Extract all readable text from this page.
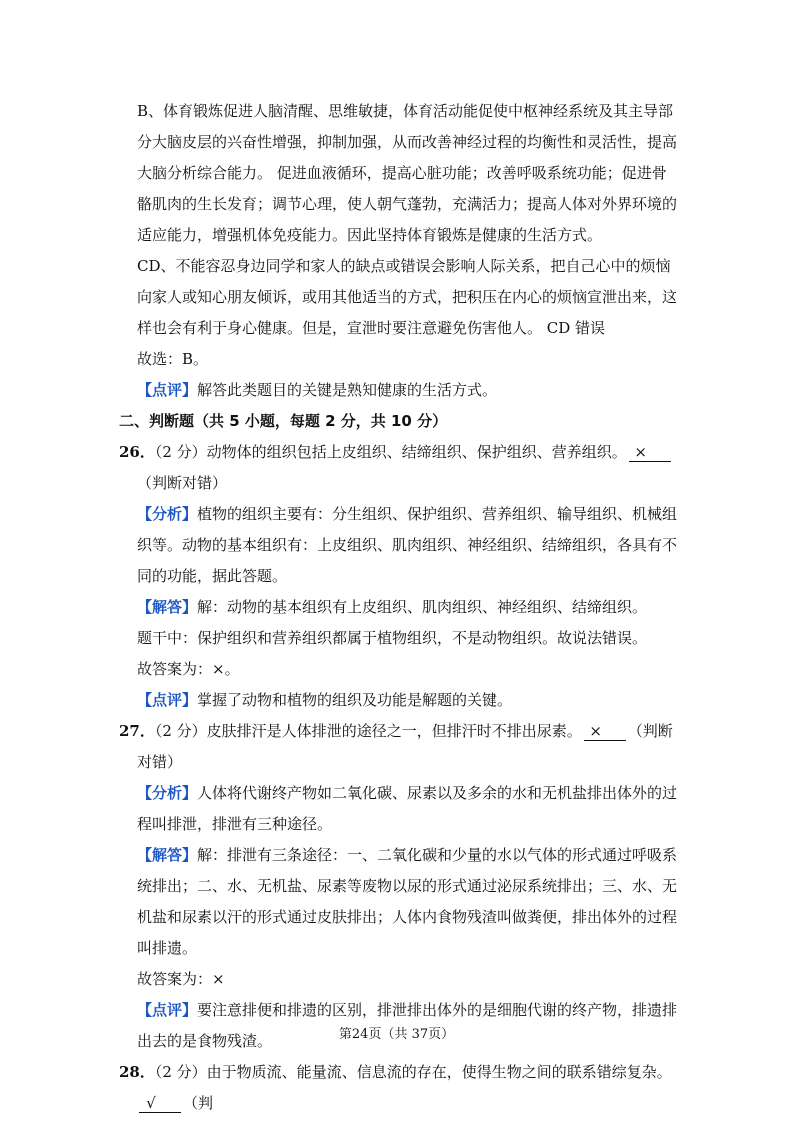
B、体育锻炼促进人脑清醒、思维敏捷，体育活动能促使中枢神经系统及其主导部分大脑皮层的兴奋性增强，抑制加强，从而改善神经过程的均衡性和灵活性，提高大脑分析综合能力。 促进血液循环，提高心脏功能；改善呼吸系统功能；促进骨骼肌肉的生长发育；调节心理，使人朝气蓬勃，充满活力；提高人体对外界环境的适应能力，增强机体免疫能力。因此坚持体育锻炼是健康的生活方式。

CD、不能容忍身边同学和家人的缺点或错误会影响人际关系，把自己心中的烦恼向家人或知心朋友倾诉，或用其他适当的方式，把积压在内心的烦恼宣泄出来，这样也会有利于身心健康。但是，宣泄时要注意避免伤害他人。 CD 错误

故选：B。

【点评】解答此类题目的关键是熟知健康的生活方式。

二、判断题（共 5 小题，每题 2 分，共 10 分）

26．（2 分）动物体的组织包括上皮组织、结缔组织、保护组织、营养组织。 ×（判断对错）

【分析】植物的组织主要有：分生组织、保护组织、营养组织、输导组织、机械组织等。动物的基本组织有：上皮组织、肌肉组织、神经组织、结缔组织，各具有不同的功能，据此答题。

【解答】解：动物的基本组织有上皮组织、肌肉组织、神经组织、结缔组织。

题干中：保护组织和营养组织都属于植物组织，不是动物组织。故说法错误。

故答案为：×。

【点评】掌握了动物和植物的组织及功能是解题的关键。

27．（2 分）皮肤排汗是人体排泄的途径之一，但排汗时不排出尿素。 × （判断对错）

【分析】人体将代谢终产物如二氧化碳、尿素以及多余的水和无机盐排出体外的过程叫排泄，排泄有三种途径。

【解答】解：排泄有三条途径：一、二氧化碳和少量的水以气体的形式通过呼吸系统排出；二、水、无机盐、尿素等废物以尿的形式通过泌尿系统排出；三、水、无机盐和尿素以汗的形式通过皮肤排出；人体内食物残渣叫做粪便，排出体外的过程叫排遗。

故答案为：×

【点评】要注意排便和排遗的区别，排泄排出体外的是细胞代谢的终产物，排遗排出去的是食物残渣。

28．（2 分）由于物质流、能量流、信息流的存在，使得生物之间的联系错综复杂。√ （判

第24页（共 37页）
